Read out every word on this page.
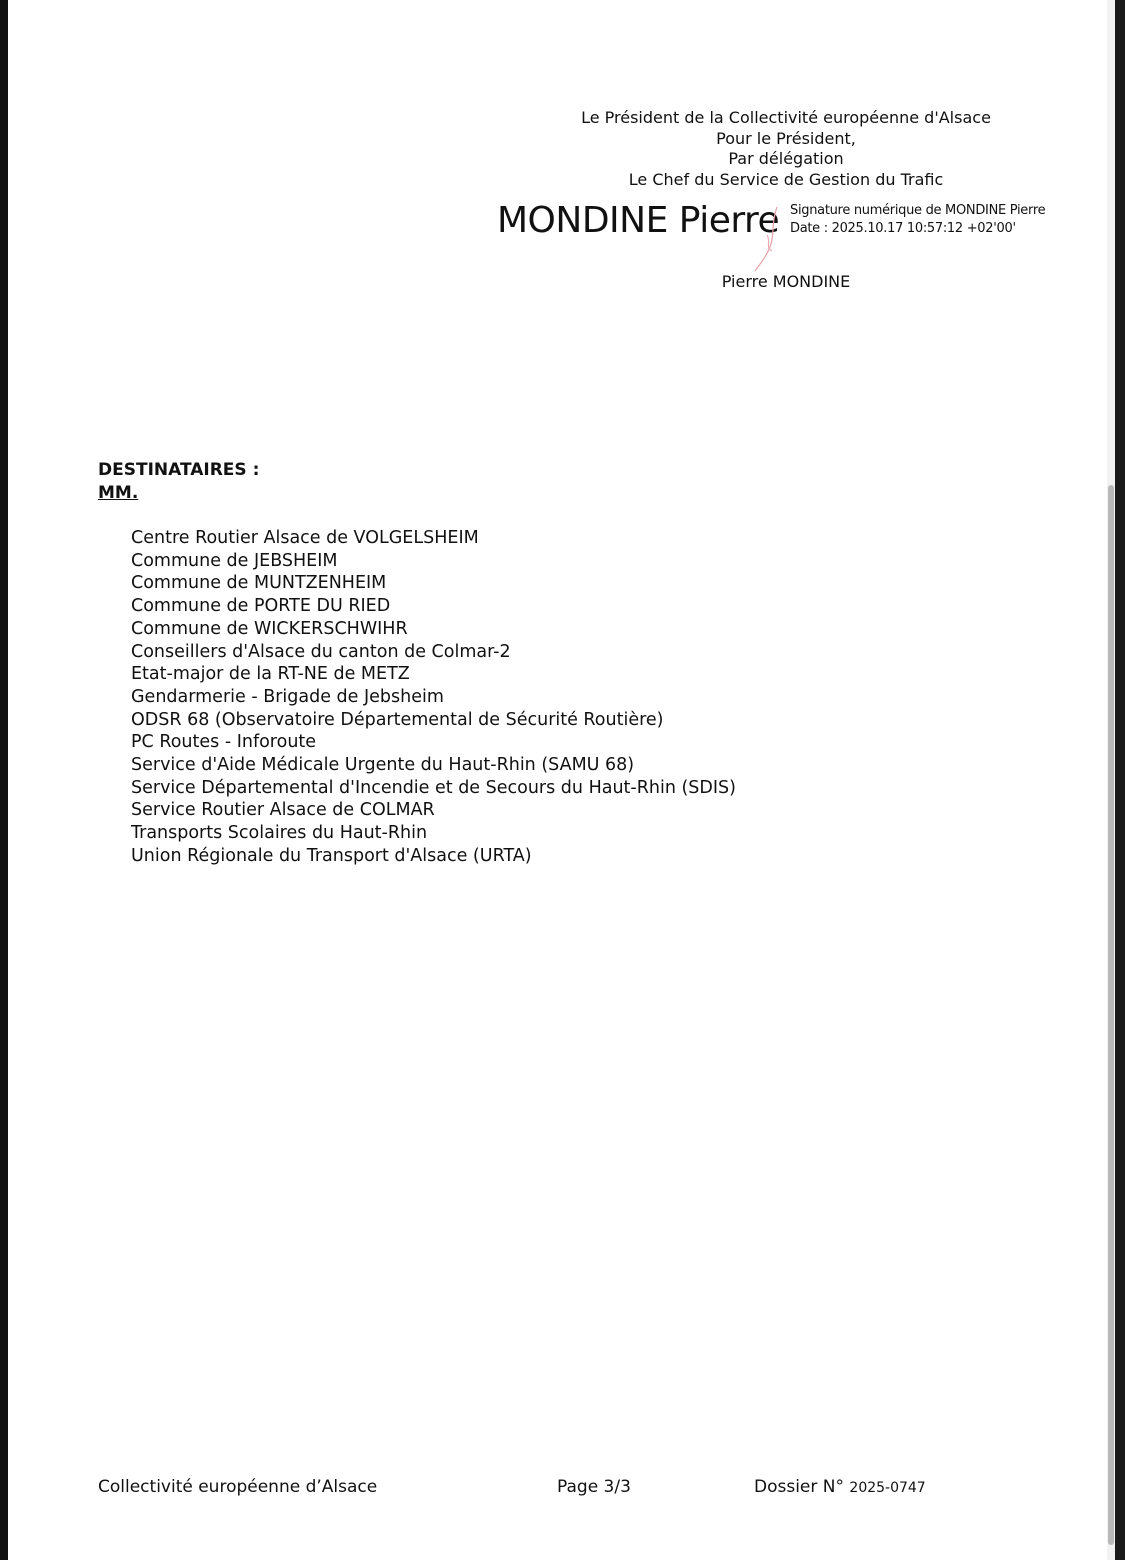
Le Président de la Collectivité européenne d'Alsace
Pour le Président,
Par délégation
Le Chef du Service de Gestion du Trafic
MONDINE Pierre Signature numérique de MONDINE Pierre
Date : 2025.10.17 10:57:12 +02'00'
Pierre MONDINE
DESTINATAIRES :
MM.
Centre Routier Alsace de VOLGELSHEIM
Commune de JEBSHEIM
Commune de MUNTZENHEIM
Commune de PORTE DU RIED
Commune de WICKERSCHWIHR
Conseillers d'Alsace du canton de Colmar-2
Etat-major de la RT-NE de METZ
Gendarmerie - Brigade de Jebsheim
ODSR 68 (Observatoire Départemental de Sécurité Routière)
PC Routes - Inforoute
Service d'Aide Médicale Urgente du Haut-Rhin (SAMU 68)
Service Départemental d'Incendie et de Secours du Haut-Rhin (SDIS)
Service Routier Alsace de COLMAR
Transports Scolaires du Haut-Rhin
Union Régionale du Transport d'Alsace (URTA)
Collectivité européenne d’Alsace	Page 3/3	Dossier N° 2025-0747
